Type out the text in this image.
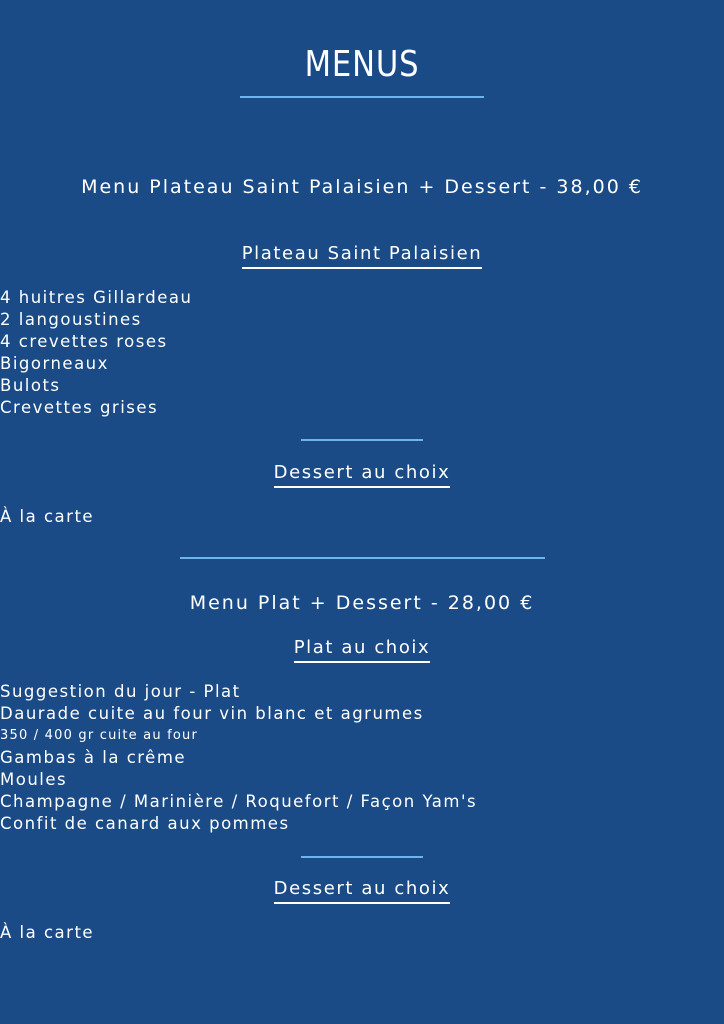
MENUS
Menu Plateau Saint Palaisien + Dessert - 38,00 €
Plateau Saint Palaisien
4 huitres Gillardeau
2 langoustines
4 crevettes roses
Bigorneaux
Bulots
Crevettes grises
Dessert au choix
À la carte
Menu Plat + Dessert - 28,00 €
Plat au choix
Suggestion du jour - Plat
Daurade cuite au four vin blanc et agrumes
350 / 400 gr cuite au four
Gambas à la crême
Moules
Champagne / Marinière / Roquefort / Façon Yam's
Confit de canard aux pommes
Dessert au choix
À la carte
